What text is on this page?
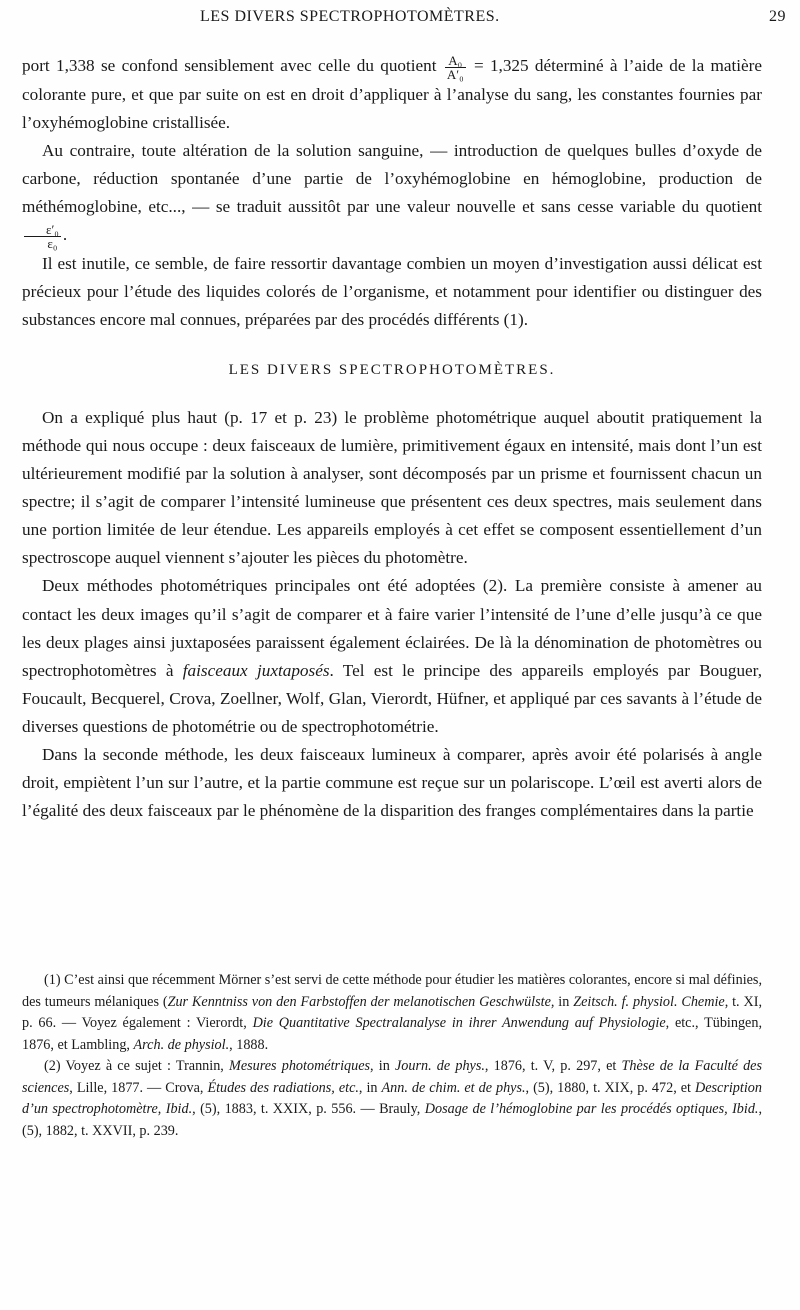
LES DIVERS SPECTROPHOTOMÈTRES.	29

port 1,338 se confond sensiblement avec celle du quotient $\frac{\text{A₀}}{\text{A′₀}} = 1,325$ déterminé à l’aide de la matière colorante pure, et que par suite on est en droit d’appliquer à l’analyse du sang, les constantes fournies par l’oxyhémoglobine cristallisée.

Au contraire, toute altération de la solution sanguine, — introduction de quelques bulles d’oxyde de carbone, réduction spontanée d’une partie de l’oxyhémoglobine en hémoglobine, production de méthémoglobine, etc..., — se traduit aussitôt par une valeur nouvelle et sans cesse variable du quotient
$\frac{\text{ε′₀}}{\text{ε₀}}$ .

Il est inutile, ce semble, de faire ressortir davantage combien un moyen d’investigation aussi délicat est précieux pour l’étude des liquides colorés de l’organisme, et notamment pour identifier ou distinguer des substances encore mal connues, préparées par des procédés différents (1).

LES DIVERS SPECTROPHOTOMÈTRES.

On a expliqué plus haut (p. 17 et p. 23) le problème photométrique auquel aboutit pratiquement la méthode qui nous occupe : deux faisceaux de lumière, primitivement égaux en intensité, mais dont l’un est ultérieurement modifié par la solution à analyser, sont décomposés par un prisme et fournissent chacun un spectre; il s’agit de comparer l’intensité lumineuse que présentent ces deux spectres, mais seulement dans une portion limitée de leur étendue. Les appareils employés à cet effet se composent essentiellement d’un spectroscope auquel viennent s’ajouter les pièces du photomètre.

Deux méthodes photométriques principales ont été adoptées (2). La première consiste à amener au contact les deux images qu’il s’agit de comparer et à faire varier l’intensité de l’une d’elle jusqu’à ce que les deux plages ainsi juxtaposées paraissent également éclairées. De là la dénomination de photomètres ou spectrophotomètres à faisceaux juxtaposés. Tel est le principe des appareils employés par Bouguer, Foucault, Becquerel, Crova, Zoellner, Wolf, Glan, Vierordt, Hüfner, et appliqué par ces savants à l’étude de diverses questions de photométrie ou de spectrophotométrie.

Dans la seconde méthode, les deux faisceaux lumineux à comparer, après avoir été polarisés à angle droit, empiètent l’un sur l’autre, et la partie commune est reçue sur un polariscope. L’œil est averti alors de l’égalité des deux faisceaux par le phénomène de la disparition des franges complémentaires dans la partie

(1) C’est ainsi que récemment Mörner s’est servi de cette méthode pour étudier les matières colorantes, encore si mal définies, des tumeurs mélaniques (Zur Kenntniss von den Farbstoffen der melanotischen Geschwülste, in Zeitsch. f. physiol. Chemie, t. XI, p. 66. — Voyez également : Vierordt, Die Quantitative Spectralanalyse in ihrer Anwendung auf Physiologie, etc., Tübingen, 1876, et Lambling, Arch. de physiol., 1888.

(2) Voyez à ce sujet : Trannin, Mesures photométriques, in Journ. de phys., 1876, t. V, p. 297, et Thèse de la Faculté des sciences, Lille, 1877. — Crova, Études des radiations, etc., in Ann. de chim. et de phys., (5), 1880, t. XIX, p. 472, et Description d’un spectrophotomètre, Ibid., (5), 1883, t. XXIX, p. 556. — Brauly, Dosage de l’hémoglobine par les procédés optiques, Ibid., (5), 1882, t. XXVII, p. 239.
